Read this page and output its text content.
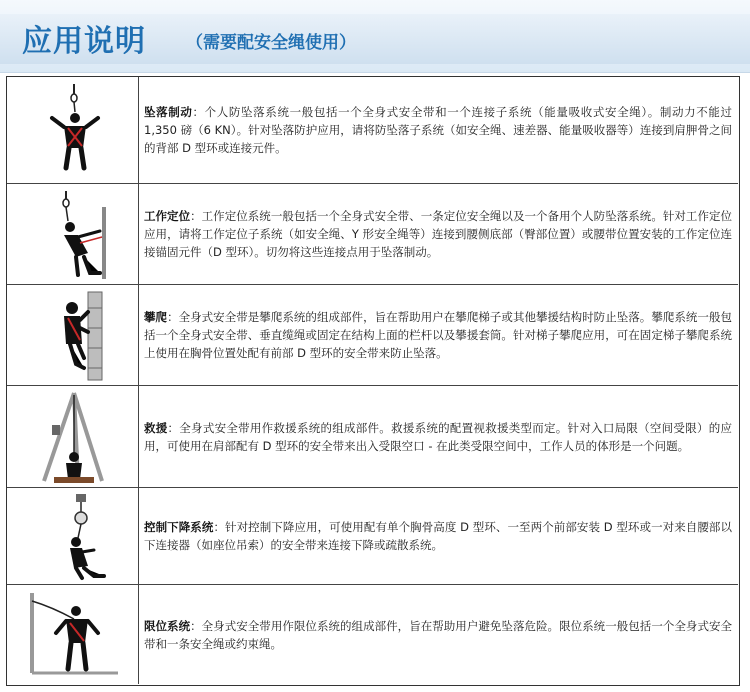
应用说明 （需要配安全绳使用）

坠落制动：个人防坠落系统一般包括一个全身式安全带和一个连接子系统（能量吸收式安全绳）。制动力不能过 1,350 磅（6 KN）。针对坠落防护应用，请将防坠落子系统（如安全绳、速差器、能量吸收器等）连接到肩胛骨之间的背部 D 型环或连接元件。

工作定位：工作定位系统一般包括一个全身式安全带、一条定位安全绳以及一个备用个人防坠落系统。针对工作定位应用，请将工作定位子系统（如安全绳、Y 形安全绳等）连接到腰侧底部（臀部位置）或腰带位置安装的工作定位连接锚固元件（D 型环）。切勿将这些连接点用于坠落制动。

攀爬：全身式安全带是攀爬系统的组成部件，旨在帮助用户在攀爬梯子或其他攀援结构时防止坠落。攀爬系统一般包括一个全身式安全带、垂直缆绳或固定在结构上面的栏杆以及攀援套筒。针对梯子攀爬应用，可在固定梯子攀爬系统上使用在胸骨位置处配有前部 D 型环的安全带来防止坠落。

救援：全身式安全带用作救援系统的组成部件。救援系统的配置视救援类型而定。针对入口局限（空间受限）的应用，可使用在肩部配有 D 型环的安全带来出入受限空口 - 在此类受限空间中，工作人员的体形是一个问题。

控制下降系统：针对控制下降应用，可使用配有单个胸骨高度 D 型环、一至两个前部安装 D 型环或一对来自腰部以下连接器（如座位吊索）的安全带来连接下降或疏散系统。

限位系统：全身式安全带用作限位系统的组成部件，旨在帮助用户避免坠落危险。限位系统一般包括一个全身式安全带和一条安全绳或约束绳。
